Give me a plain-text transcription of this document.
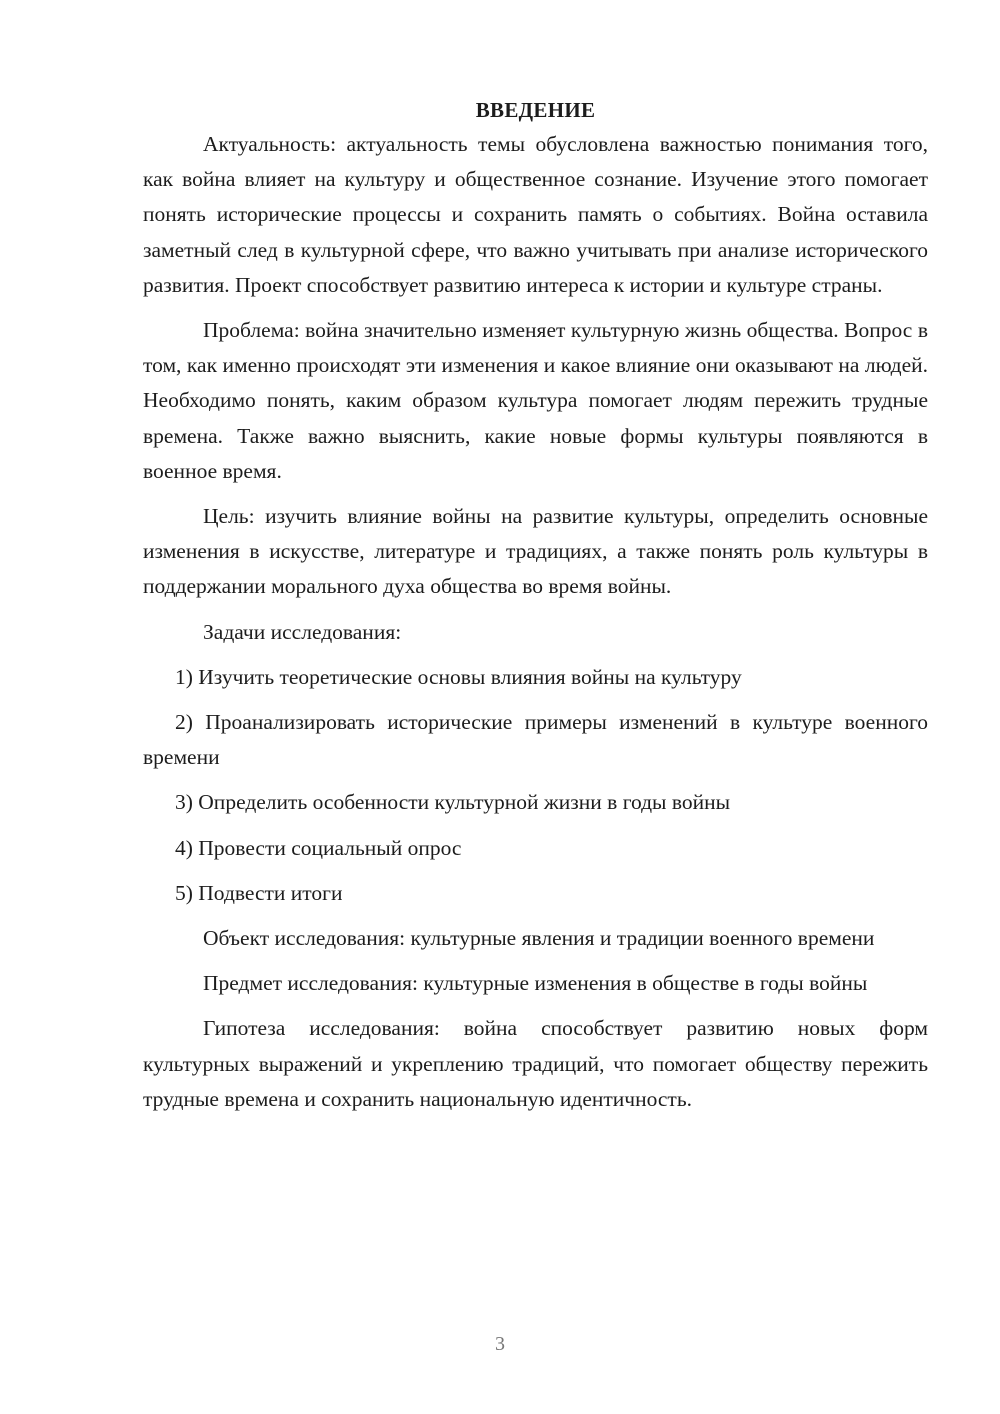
ВВЕДЕНИЕ

Актуальность: актуальность темы обусловлена важностью понимания того, как война влияет на культуру и общественное сознание. Изучение этого помогает понять исторические процессы и сохранить память о событиях. Война оставила заметный след в культурной сфере, что важно учитывать при анализе исторического развития. Проект способствует развитию интереса к истории и культуре страны.

Проблема: война значительно изменяет культурную жизнь общества. Вопрос в том, как именно происходят эти изменения и какое влияние они оказывают на людей. Необходимо понять, каким образом культура помогает людям пережить трудные времена. Также важно выяснить, какие новые формы культуры появляются в военное время.

Цель: изучить влияние войны на развитие культуры, определить основные изменения в искусстве, литературе и традициях, а также понять роль культуры в поддержании морального духа общества во время войны.

Задачи исследования:

1) Изучить теоретические основы влияния войны на культуру

2) Проанализировать исторические примеры изменений в культуре военного времени

3) Определить особенности культурной жизни в годы войны

4) Провести социальный опрос

5) Подвести итоги

Объект исследования: культурные явления и традиции военного времени

Предмет исследования: культурные изменения в обществе в годы войны

Гипотеза исследования: война способствует развитию новых форм культурных выражений и укреплению традиций, что помогает обществу пережить трудные времена и сохранить национальную идентичность.

3
